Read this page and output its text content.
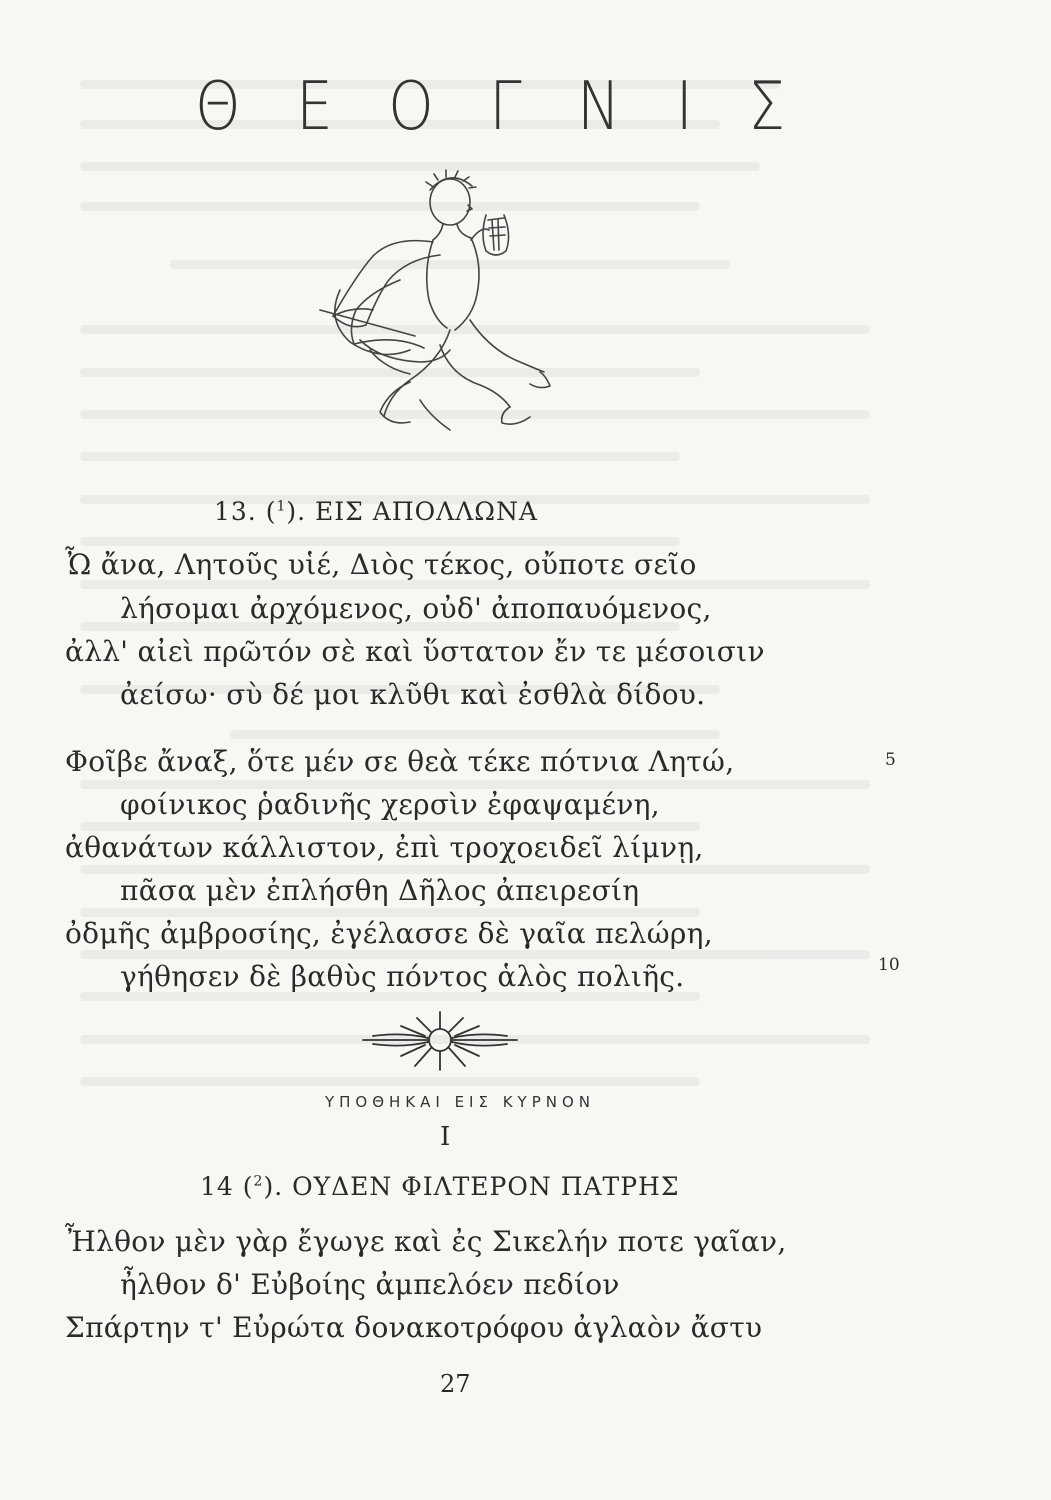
Θ Ε Ο Γ Ν Ι Σ
13. ($^1$). ΕΙΣ ΑΠΟΛΛΩΝΑ
Ὦ ἄνα, Λητοῦς υἱέ, Διὸς τέκος, οὔποτε σεῖο
λήσομαι ἀρχόμενος, οὐδ' ἀποπαυόμενος,
ἀλλ' αἰεὶ πρῶτόν σὲ καὶ ὕστατον ἔν τε μέσοισιν
ἀείσω· σὺ δέ μοι κλῦθι καὶ ἐσθλὰ δίδου.
Φοῖβε ἄναξ, ὅτε μέν σε θεὰ τέκε πότνια Λητώ,
φοίνικος ῥαδινῆς χερσὶν ἐφαψαμένη,
ἀθανάτων κάλλιστον, ἐπὶ τροχοειδεῖ λίμνῃ,
πᾶσα μὲν ἐπλήσθη Δῆλος ἀπειρεσίη
ὀδμῆς ἀμβροσίης, ἐγέλασσε δὲ γαῖα πελώρη,
γήθησεν δὲ βαθὺς πόντος ἁλὸς πολιῆς.
5
10
ΥΠΟΘΗΚΑΙ ΕΙΣ ΚΥΡΝΟΝ
I
14 ($^2$). ΟΥΔΕΝ ΦΙΛΤΕΡΟΝ ΠΑΤΡΗΣ
Ἦλθον μὲν γὰρ ἔγωγε καὶ ἐς Σικελήν ποτε γαῖαν,
ἦλθον δ' Εὐβοίης ἀμπελόεν πεδίον
Σπάρτην τ' Εὐρώτα δονακοτρόφου ἀγλαὸν ἄστυ
27
